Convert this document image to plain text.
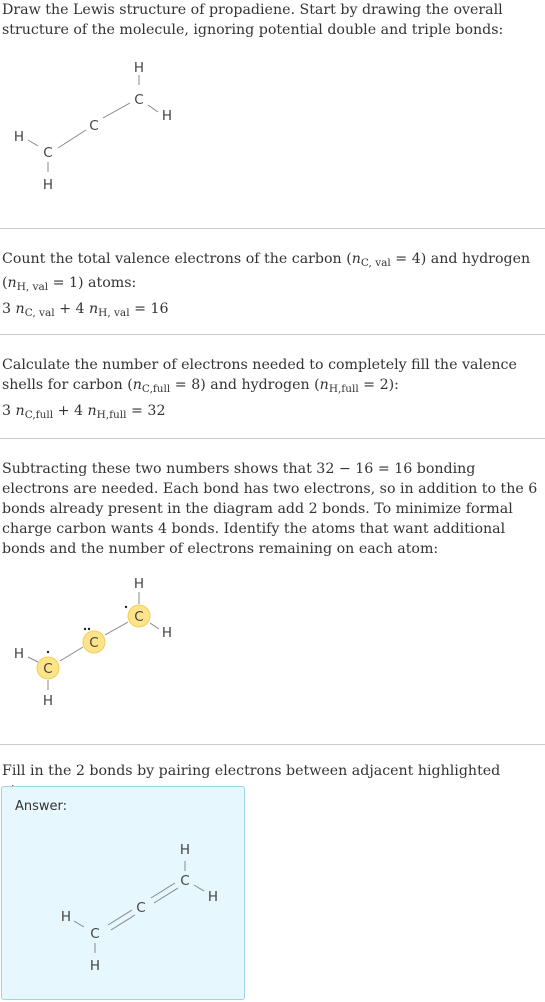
Draw the Lewis structure of propadiene. Start by drawing the overall structure of the molecule, ignoring potential double and triple bonds:

H
C
H
C
H
C
H

Count the total valence electrons of the carbon $(n_{C, val} = 4)$ and hydrogen $(n_{H, val} = 1)$ atoms:

3 $n_{C, val} + 4$ $n_{H, val} = 16$

Calculate the number of electrons needed to completely fill the valence shells for carbon $(n_{C,full} = 8)$ and hydrogen $(n_{H,full} = 2)$:

3 $n_{C,full} + 4$ $n_{H,full} = 32$

Subtracting these two numbers shows that 32 − 16 = 16 bonding electrons are needed. Each bond has two electrons, so in addition to the 6 bonds already present in the diagram add 2 bonds. To minimize formal charge carbon wants 4 bonds. Identify the atoms that want additional bonds and the number of electrons remaining on each atom:

H
C
H
C
H
C
H

Fill in the 2 bonds by pairing electrons between adjacent highlighted

Answer:
H
C
H
C
H
C
H
